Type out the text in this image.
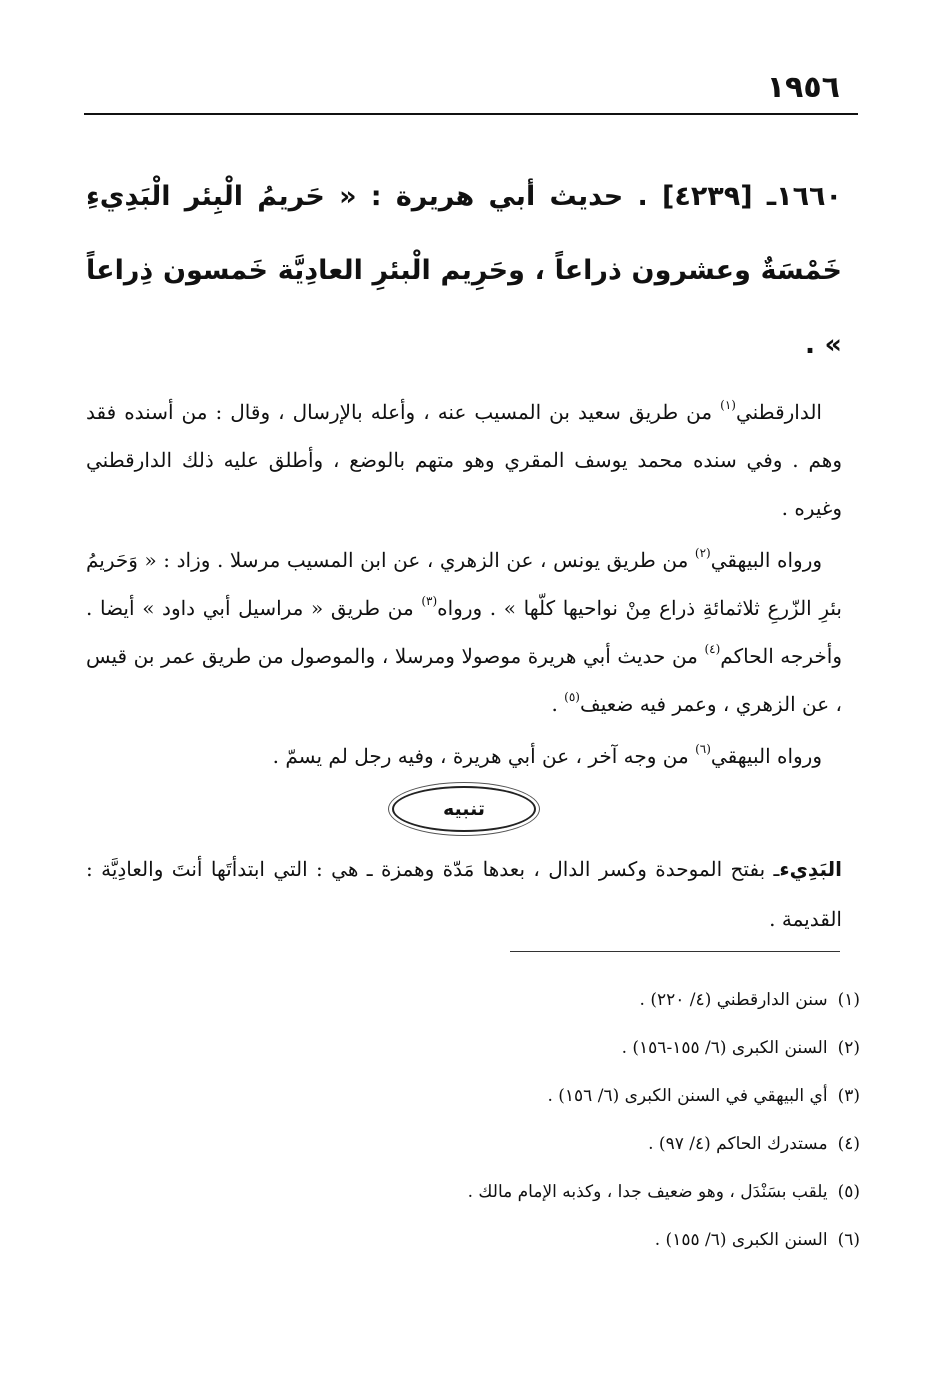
١٩٥٦

١٦٦٠ـ [٤٢٣٩] . حديث أبي هريرة : « حَريمُ الْبِئر الْبَدِيءِ خَمْسَةٌ وعشرون ذراعاً ، وحَرِيم الْبئرِ العادِيَّة خَمسون ذِراعاً » .

الدارقطني$^{(١)}$ من طريق سعيد بن المسيب عنه ، وأعله بالإرسال ، وقال : من أسنده فقد وهم . وفي سنده محمد يوسف المقري وهو متهم بالوضع ، وأطلق عليه ذلك الدارقطني وغيره .

ورواه البيهقي$^{(٢)}$ من طريق يونس ، عن الزهري ، عن ابن المسيب مرسلا . وزاد : « وَحَريمُ بئرِ الزّرعِ ثلاثمائةِ ذراع مِنْ نواحيها كلّها » . ورواه$^{(٣)}$ من طريق « مراسيل أبي داود » أيضا . وأخرجه الحاكم$^{(٤)}$ من حديث أبي هريرة موصولا ومرسلا ، والموصول من طريق عمر بن قيس ، عن الزهري ، وعمر فيه ضعيف$^{(٥)}$ .

ورواه البيهقي$^{(٦)}$ من وجه آخر ، عن أبي هريرة ، وفيه رجل لم يسمّ .

تنبيه

البَدِيءـ بفتح الموحدة وكسر الدال ، بعدها مَدّة وهمزة ـ هي : التي ابتدأتَها أنتَ والعادِيَّة : القديمة .

(١)سنن الدارقطني (٤/ ٢٢٠) .
(٢)السنن الكبرى (٦/ ١٥٥-١٥٦) .
(٣)أي البيهقي في السنن الكبرى (٦/ ١٥٦) .
(٤)مستدرك الحاكم (٤/ ٩٧) .
(٥)يلقب بسَنْدَل ، وهو ضعيف جدا ، وكذبه الإمام مالك .
(٦)السنن الكبرى (٦/ ١٥٥) .
